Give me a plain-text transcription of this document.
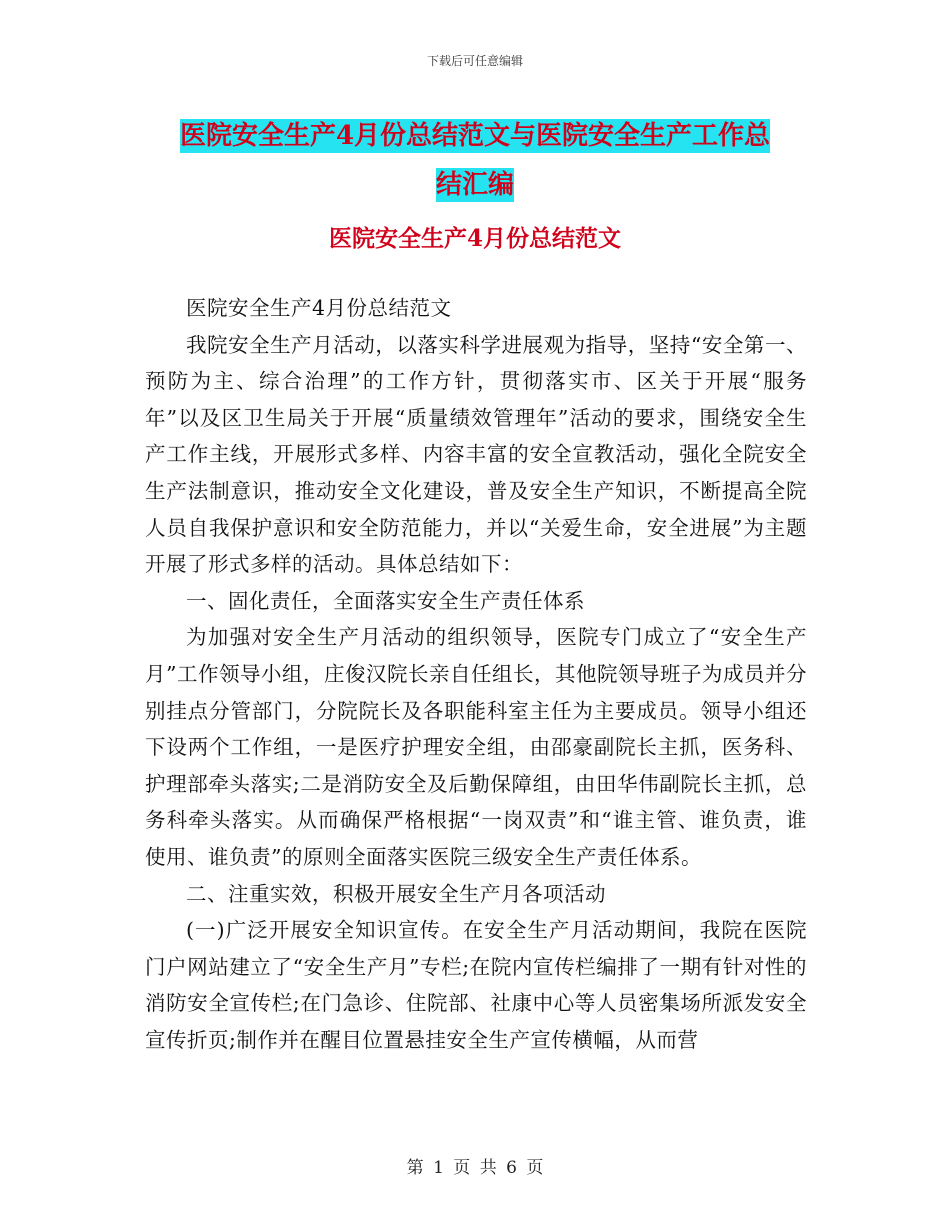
下载后可任意编辑
医院安全生产4月份总结范文与医院安全生产工作总
结汇编
医院安全生产4月份总结范文

医院安全生产4月份总结范文

我院安全生产月活动，以落实科学进展观为指导，坚持“安全第一、预防为主、综合治理”的工作方针，贯彻落实市、区关于开展“服务年”以及区卫生局关于开展“质量绩效管理年”活动的要求，围绕安全生产工作主线，开展形式多样、内容丰富的安全宣教活动，强化全院安全生产法制意识，推动安全文化建设，普及安全生产知识，不断提高全院人员自我保护意识和安全防范能力，并以“关爱生命，安全进展”为主题开展了形式多样的活动。具体总结如下：

一、固化责任，全面落实安全生产责任体系

为加强对安全生产月活动的组织领导，医院专门成立了“安全生产月”工作领导小组，庄俊汉院长亲自任组长，其他院领导班子为成员并分别挂点分管部门，分院院长及各职能科室主任为主要成员。领导小组还下设两个工作组，一是医疗护理安全组，由邵豪副院长主抓，医务科、护理部牵头落实;二是消防安全及后勤保障组，由田华伟副院长主抓，总务科牵头落实。从而确保严格根据“一岗双责”和“谁主管、谁负责，谁使用、谁负责”的原则全面落实医院三级安全生产责任体系。

二、注重实效，积极开展安全生产月各项活动

(一)广泛开展安全知识宣传。在安全生产月活动期间，我院在医院门户网站建立了“安全生产月”专栏;在院内宣传栏编排了一期有针对性的消防安全宣传栏;在门急诊、住院部、社康中心等人员密集场所派发安全宣传折页;制作并在醒目位置悬挂安全生产宣传横幅，从而营

第 1 页 共 6 页
